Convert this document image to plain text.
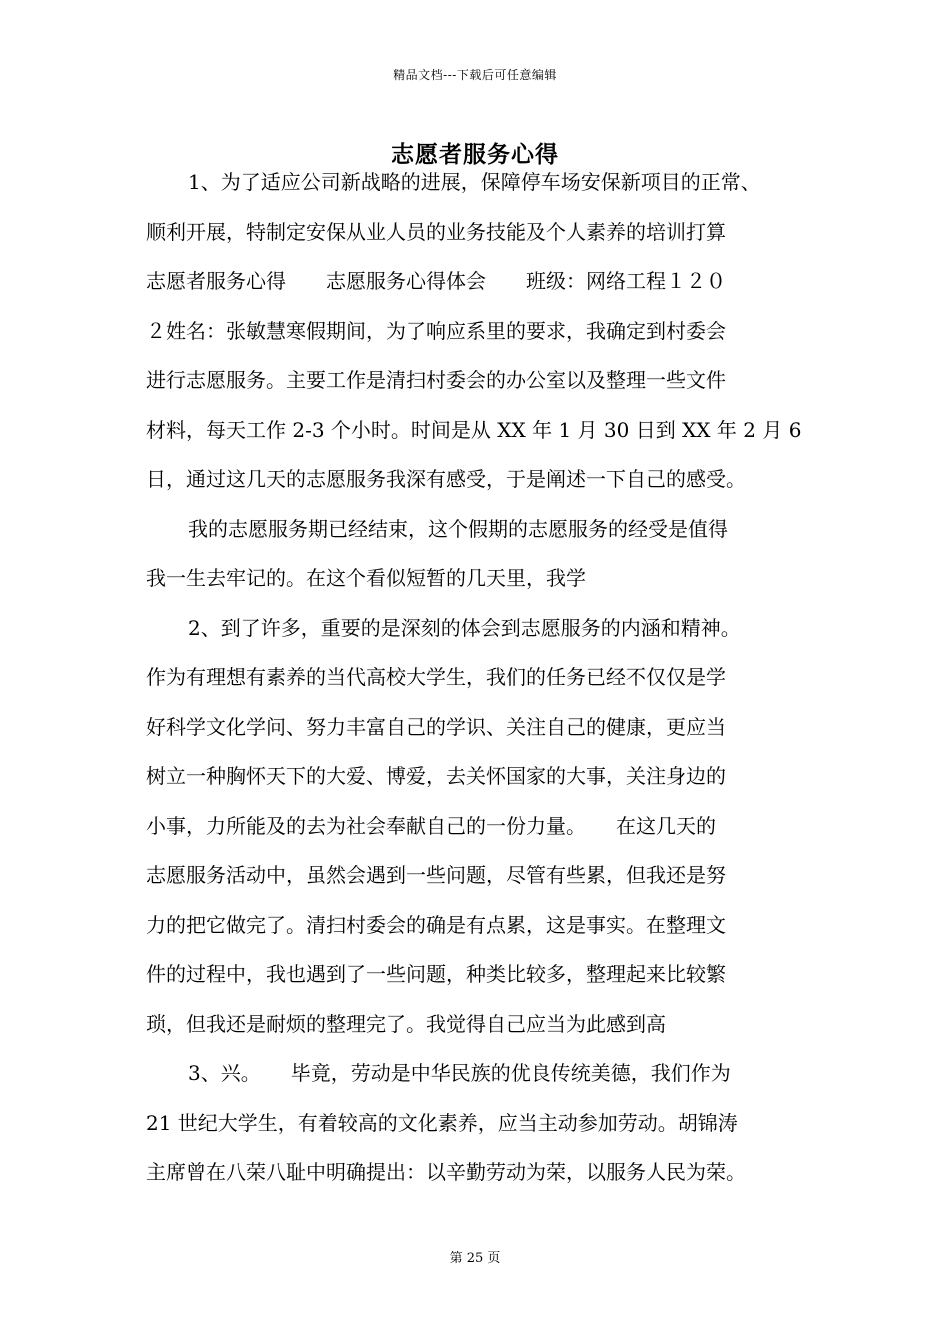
精品文档---下载后可任意编辑
志愿者服务心得
1、为了适应公司新战略的进展，保障停车场安保新项目的正常、
顺利开展，特制定安保从业人员的业务技能及个人素养的培训打算
志愿者服务心得　　志愿服务心得体会　　班级：网络工程１２０
２姓名：张敏慧寒假期间，为了响应系里的要求，我确定到村委会
进行志愿服务。主要工作是清扫村委会的办公室以及整理一些文件
材料，每天工作 2-3 个小时。时间是从 XX 年 1 月 30 日到 XX 年 2 月 6
日，通过这几天的志愿服务我深有感受，于是阐述一下自己的感受。
我的志愿服务期已经结束，这个假期的志愿服务的经受是值得
我一生去牢记的。在这个看似短暂的几天里，我学
2、到了许多，重要的是深刻的体会到志愿服务的内涵和精神。
作为有理想有素养的当代高校大学生，我们的任务已经不仅仅是学
好科学文化学问、努力丰富自己的学识、关注自己的健康，更应当
树立一种胸怀天下的大爱、博爱，去关怀国家的大事，关注身边的
小事，力所能及的去为社会奉献自己的一份力量。　　在这几天的
志愿服务活动中，虽然会遇到一些问题，尽管有些累，但我还是努
力的把它做完了。清扫村委会的确是有点累，这是事实。在整理文
件的过程中，我也遇到了一些问题，种类比较多，整理起来比较繁
琐，但我还是耐烦的整理完了。我觉得自己应当为此感到高
3、兴。　　毕竟，劳动是中华民族的优良传统美德，我们作为
21 世纪大学生，有着较高的文化素养，应当主动参加劳动。胡锦涛
主席曾在八荣八耻中明确提出：以辛勤劳动为荣，以服务人民为荣。
第 25 页
